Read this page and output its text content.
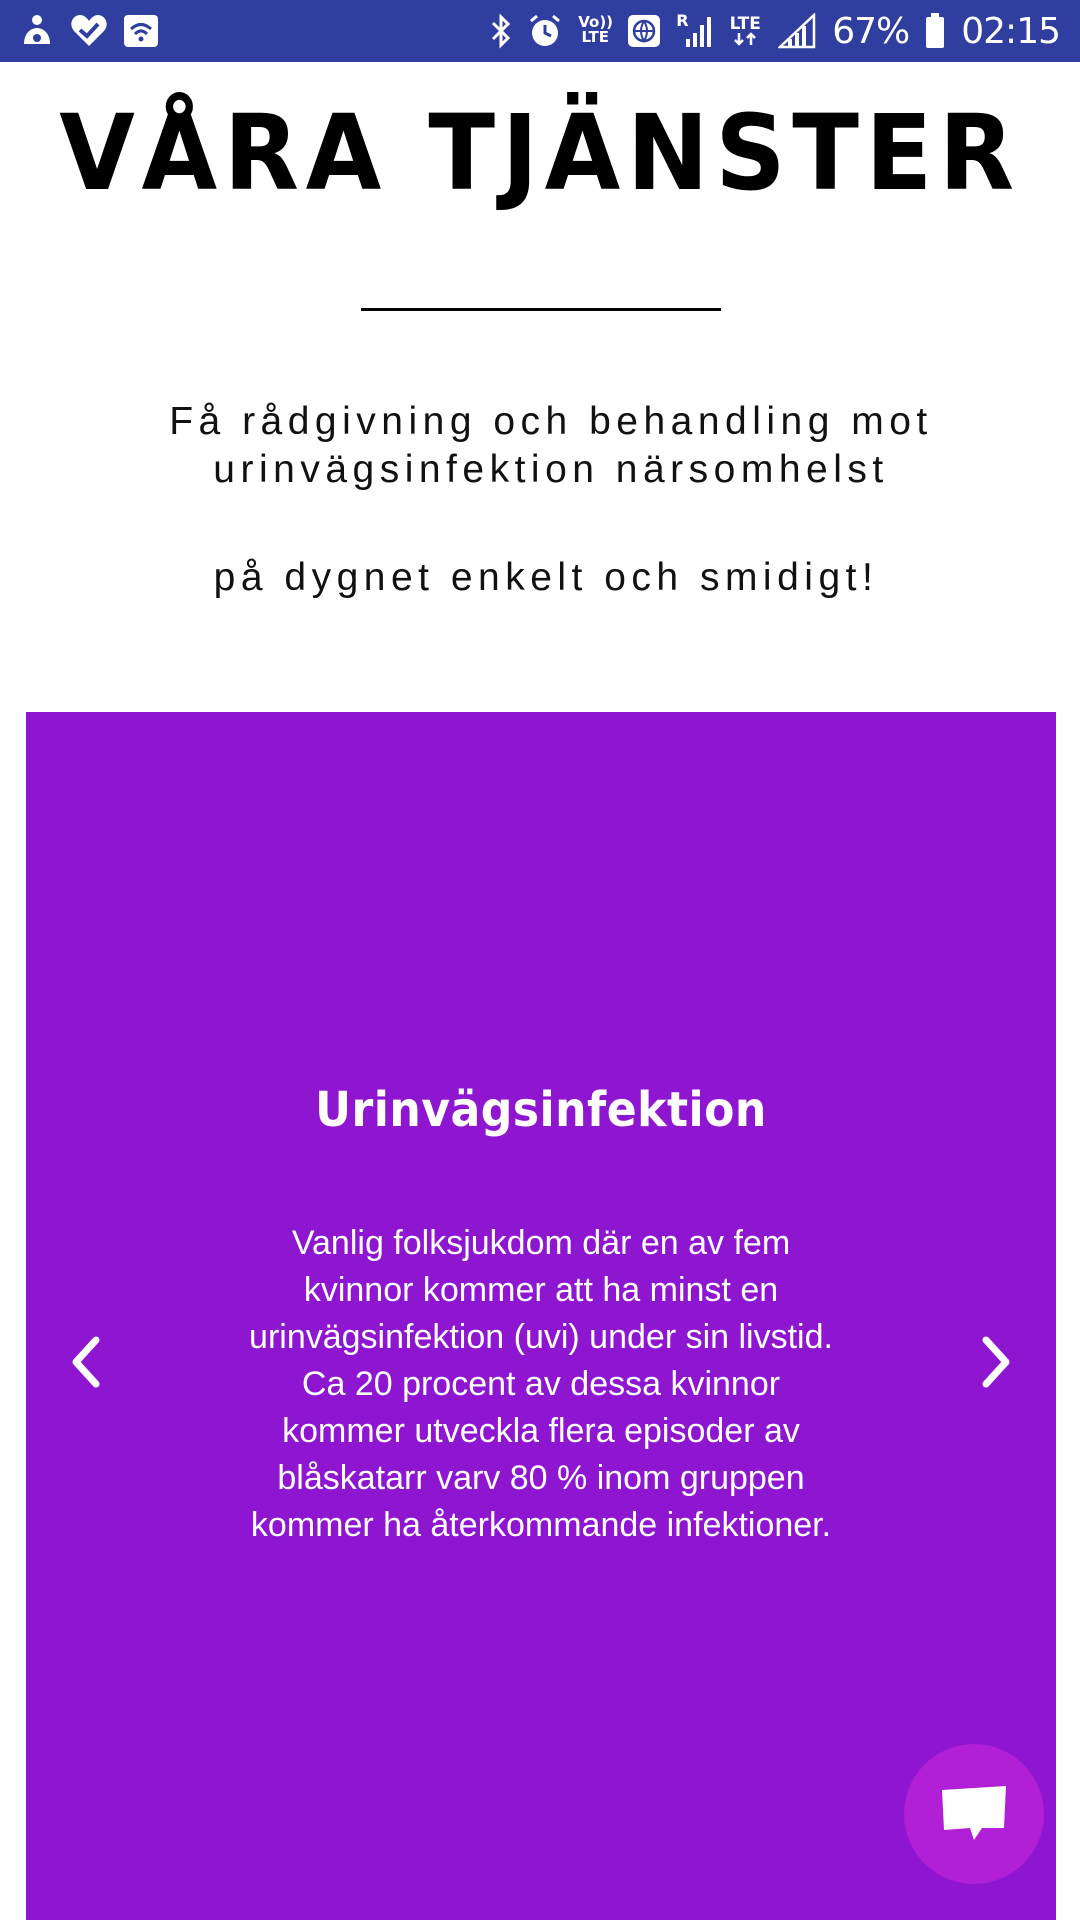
Vo)) LTE
R LTE 67% 02:15
VÅRA TJÄNSTER
Få rådgivning och behandling mot
urinvägsinfektion närsomhelst
på dygnet enkelt och smidigt!
Urinvägsinfektion
Vanlig folksjukdom där en av fem kvinnor kommer att ha minst en urinvägsinfektion (uvi) under sin livstid. Ca 20 procent av dessa kvinnor kommer utveckla flera episoder av blåskatarr varv 80 % inom gruppen kommer ha återkommande infektioner.
